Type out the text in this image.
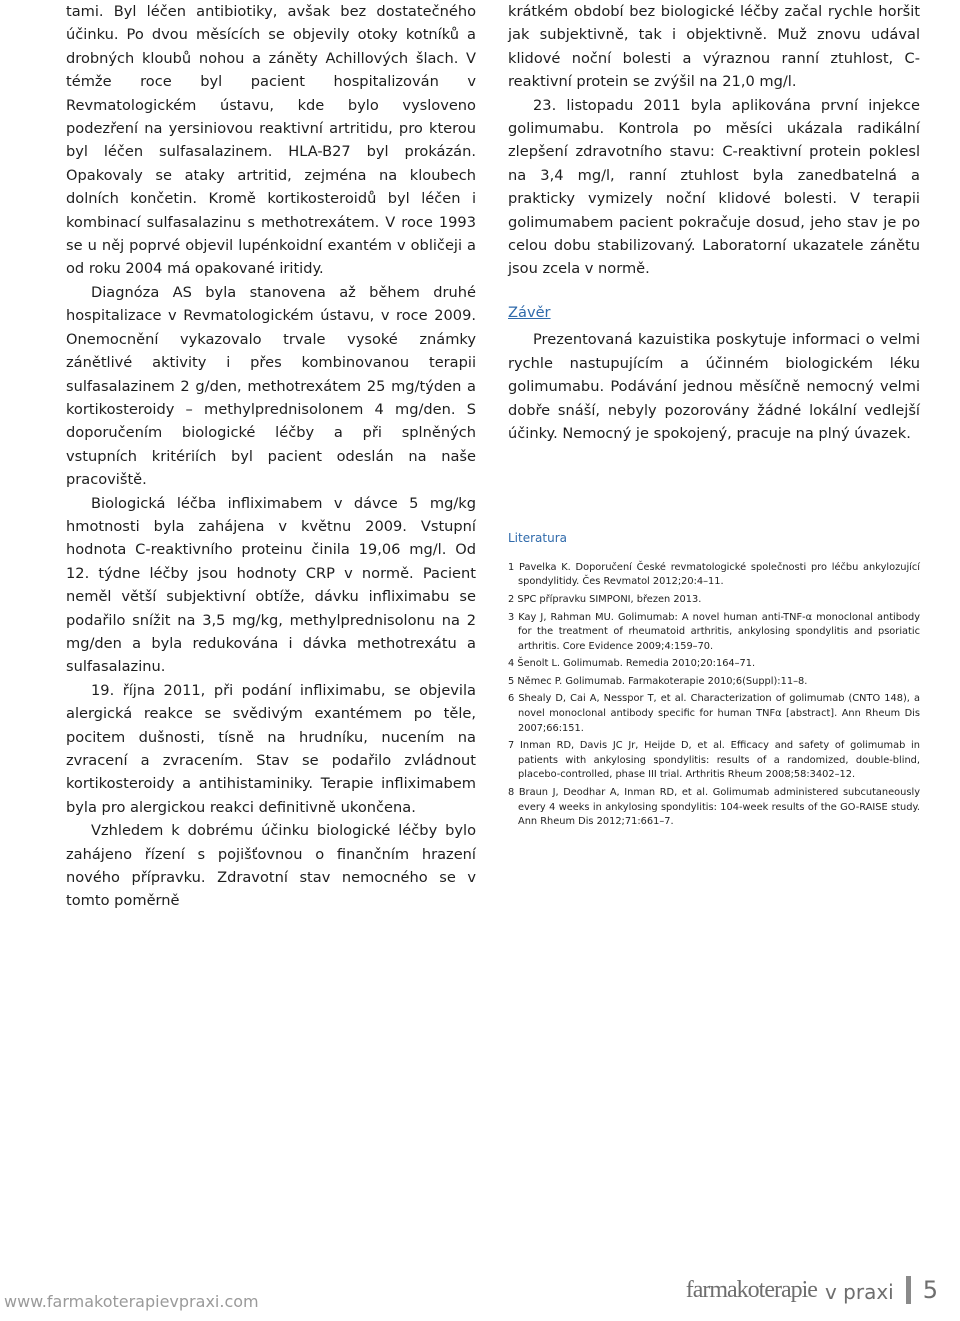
tami. Byl léčen antibiotiky, avšak bez dostatečného účinku. Po dvou měsících se objevily otoky kotníků a drobných kloubů nohou a záněty Achillových šlach. V témže roce byl pacient hospitalizován v Revmatologickém ústavu, kde bylo vysloveno podezření na yersiniovou reaktivní artritidu, pro kterou byl léčen sulfasalazinem. HLA-B27 byl prokázán. Opakovaly se ataky artritid, zejména na kloubech dolních končetin. Kromě kortikosteroidů byl léčen i kombinací sulfasalazinu s methotrexátem. V roce 1993 se u něj poprvé objevil lupénkoidní exantém v obličeji a od roku 2004 má opakované iritidy.

Diagnóza AS byla stanovena až během druhé hospitalizace v Revmatologickém ústavu, v roce 2009. Onemocnění vykazovalo trvale vysoké známky zánětlivé aktivity i přes kombinovanou terapii sulfasalazinem 2 g/den, methotrexátem 25 mg/týden a kortikosteroidy – methylprednisolonem 4 mg/den. S doporučením biologické léčby a při splněných vstupních kritériích byl pacient odeslán na naše pracoviště.

Biologická léčba infliximabem v dávce 5 mg/kg hmotnosti byla zahájena v květnu 2009. Vstupní hodnota C-reaktivního proteinu činila 19,06 mg/l. Od 12. týdne léčby jsou hodnoty CRP v normě. Pacient neměl větší subjektivní obtíže, dávku infliximabu se podařilo snížit na 3,5 mg/kg, methylprednisolonu na 2 mg/den a byla redukována i dávka methotrexátu a sulfasalazinu.

19. října 2011, při podání infliximabu, se objevila alergická reakce se svědivým exantémem po těle, pocitem dušnosti, tísně na hrudníku, nucením na zvracení a zvracením. Stav se podařilo zvládnout kortikosteroidy a antihistaminiky. Terapie infliximabem byla pro alergickou reakci definitivně ukončena.

Vzhledem k dobrému účinku biologické léčby bylo zahájeno řízení s pojišťovnou o finančním hrazení nového přípravku. Zdravotní stav nemocného se v tomto poměrně

krátkém období bez biologické léčby začal rychle horšit jak subjektivně, tak i objektivně. Muž znovu udával klidové noční bolesti a výraznou ranní ztuhlost, C-reaktivní protein se zvýšil na 21,0 mg/l.

23. listopadu 2011 byla aplikována první injekce golimumabu. Kontrola po měsíci ukázala radikální zlepšení zdravotního stavu: C-reaktivní protein poklesl na 3,4 mg/l, ranní ztuhlost byla zanedbatelná a prakticky vymizely noční klidové bolesti. V terapii golimumabem pacient pokračuje dosud, jeho stav je po celou dobu stabilizovaný. Laboratorní ukazatele zánětu jsou zcela v normě.

Závěr

Prezentovaná kazuistika poskytuje informaci o velmi rychle nastupujícím a účinném biologickém léku golimumabu. Podávání jednou měsíčně nemocný velmi dobře snáší, nebyly pozorovány žádné lokální vedlejší účinky. Nemocný je spokojený, pracuje na plný úvazek.

Literatura
1 Pavelka K. Doporučení České revmatologické společnosti pro léčbu ankylozující spondylitidy. Čes Revmatol 2012;20:4–11.
2 SPC přípravku SIMPONI, březen 2013.
3 Kay J, Rahman MU. Golimumab: A novel human anti-TNF-α monoclonal antibody for the treatment of rheumatoid arthritis, ankylosing spondylitis and psoriatic arthritis. Core Evidence 2009;4:159–70.
4 Šenolt L. Golimumab. Remedia 2010;20:164–71.
5 Němec P. Golimumab. Farmakoterapie 2010;6(Suppl):11–8.
6 Shealy D, Cai A, Nesspor T, et al. Characterization of golimumab (CNTO 148), a novel monoclonal antibody specific for human TNFα [abstract]. Ann Rheum Dis 2007;66:151.
7 Inman RD, Davis JC Jr, Heijde D, et al. Efficacy and safety of golimumab in patients with ankylosing spondylitis: results of a randomized, double-blind, placebo-controlled, phase III trial. Arthritis Rheum 2008;58:3402–12.
8 Braun J, Deodhar A, Inman RD, et al. Golimumab administered subcutaneously every 4 weeks in ankylosing spondylitis: 104-week results of the GO-RAISE study. Ann Rheum Dis 2012;71:661–7.
www.farmakoterapievpraxi.com	farmakoterapie v praxi 5
